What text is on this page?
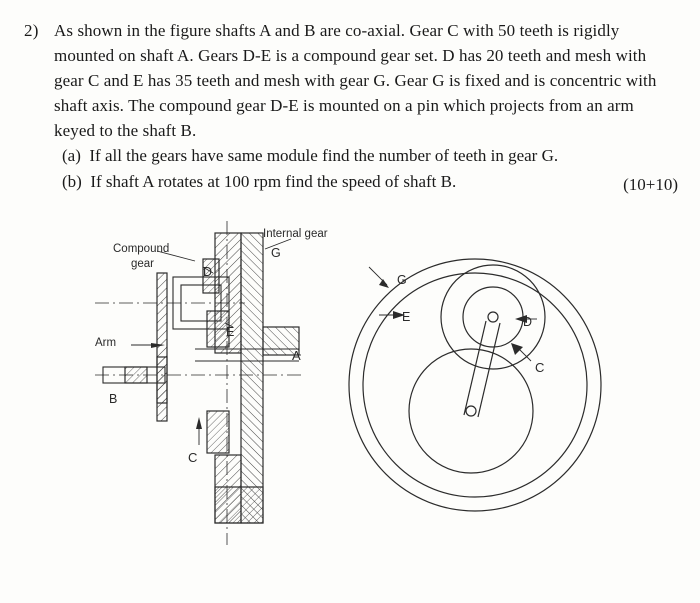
2) As shown in the figure shafts A and B are co-axial. Gear C with 50 teeth is rigidly
mounted on shaft A. Gears D-E is a compound gear set. D has 20 teeth and mesh with
gear C and E has 35 teeth and mesh with gear G. Gear G is fixed and is concentric with
shaft axis. The compound gear D-E is mounted on a pin which projects from an arm
keyed to the shaft B.
(a)  If all the gears have same module find the number of teeth in gear G.
(b)  If shaft A rotates at 100 rpm find the speed of shaft B.	(10+10)
Compound
gear
Internal gear
G
D
E
Arm
A
B
C
G
E	D
C
